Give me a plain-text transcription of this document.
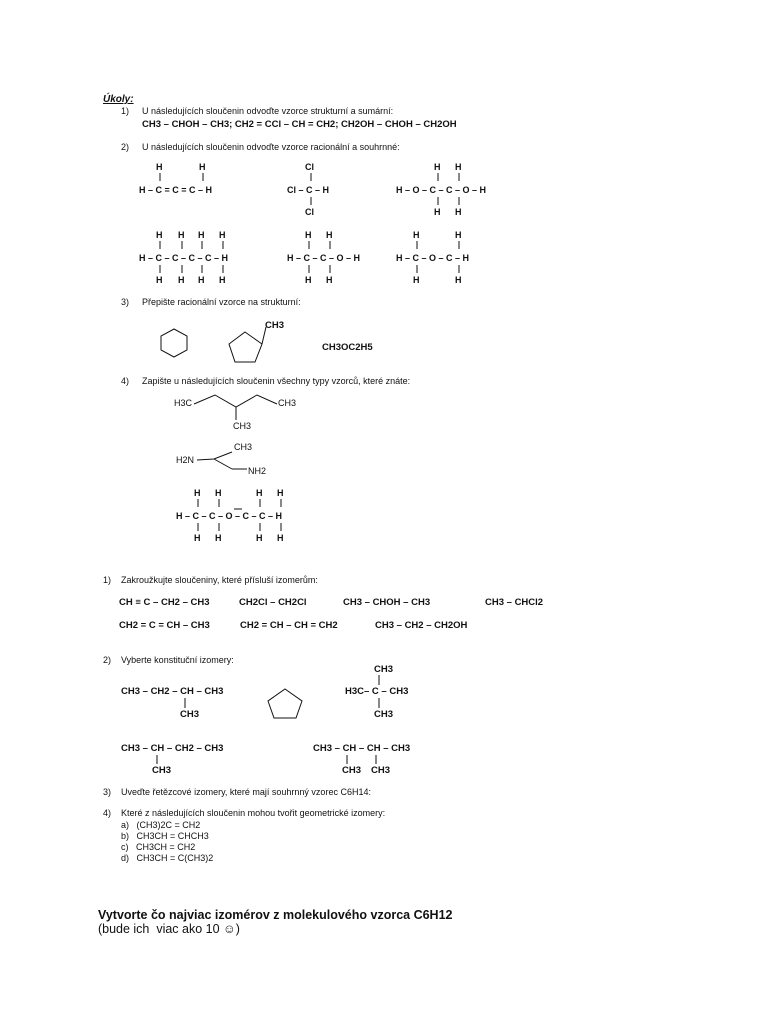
Úkoly:
1) U následujících sloučenin odvoďte vzorce strukturní a sumární:
CH3 – CHOH – CH3; CH2 = CCl – CH = CH2; CH2OH – CHOH – CH2OH
2) U následujících sloučenin odvoďte vzorce racionální a souhrnné:
3) Přepište racionální vzorce na strukturní:
CH3
CH3OC2H5
4) Zapište u následujících sloučenin všechny typy vzorců, které znáte:
H3C	CH3
CH3
CH3
H2N
NH2
1) Zakroužkujte sloučeniny, které přísluší izomerům:
CH ≡ C – CH2 – CH3	CH2Cl – CH2Cl	CH3 – CHOH – CH3	CH3 – CHCl2
CH2 = C = CH – CH3	CH2 = CH – CH = CH2	CH3 – CH2 – CH2OH
2) Vyberte konstituční izomery:
CH3 – CH2 – CH – CH3
CH3
CH3
H3C– C – CH3
CH3
CH3 – CH – CH2 – CH3
CH3
CH3 – CH – CH – CH3
CH3 CH3
3) Uveďte řetězcové izomery, které mají souhrnný vzorec C6H14:
4) Které z následujících sloučenin mohou tvořit geometrické izomery:
a)   (CH3)2C = CH2
b)   CH3CH = CHCH3
c)   CH3CH = CH2
d)   CH3CH = C(CH3)2

Vytvorte čo najviac izomérov z molekulového vzorca C6H12
(bude ich  viac ako 10 ☺)

H	H
H – C = C = C – H
Cl
Cl – C – H
Cl
H H
H – O – C – C – O – H
H H
H H H H
H – C – C – C – C – H
H H H H
H H
H – C – C – O – H
H H
H	H
H – C – O – C – H
H	H
H H	H H
H – C – C – O – C – C – H
H H	H H
